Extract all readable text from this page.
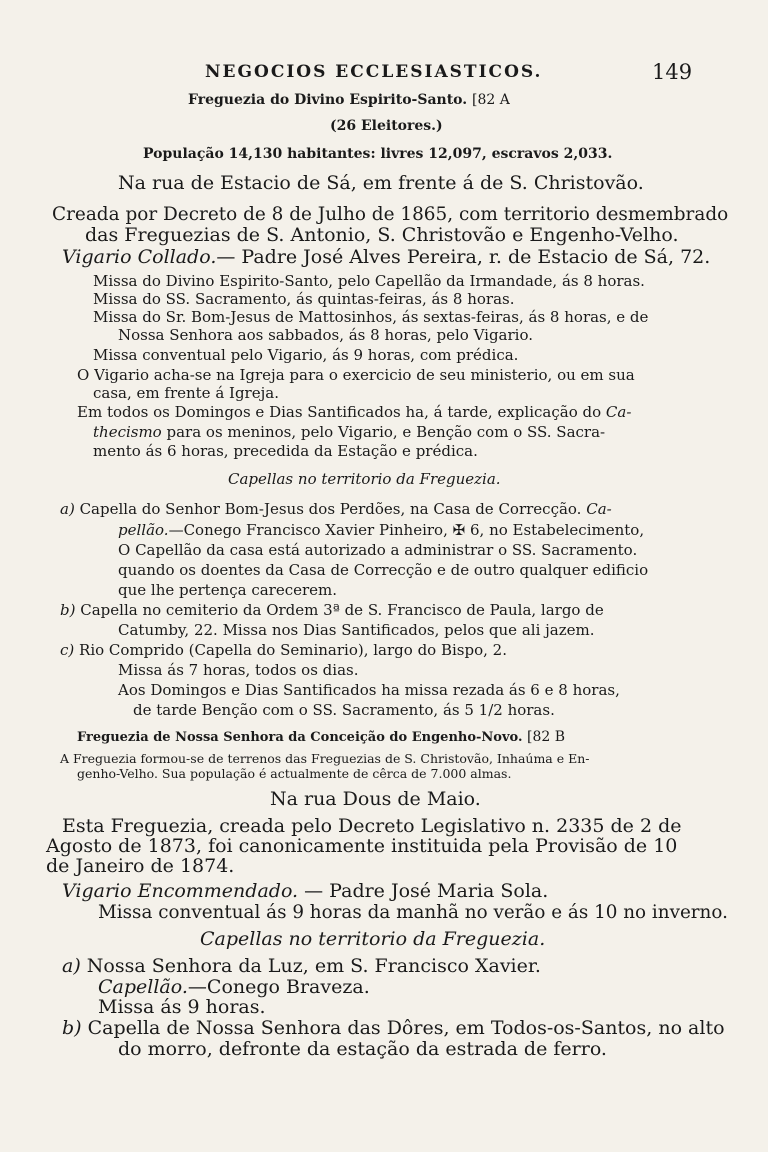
NEGOCIOS ECCLESIASTICOS.	149
Freguezia do Divino Espirito-Santo. [82 A
(26 Eleitores.)
População 14,130 habitantes: livres 12,097, escravos 2,033.
Na rua de Estacio de Sá, em frente á de S. Christovão.
Creada por Decreto de 8 de Julho de 1865, com territorio desmembrado
das Freguezias de S. Antonio, S. Christovão e Engenho-Velho.
Vigario Collado.— Padre José Alves Pereira, r. de Estacio de Sá, 72.
Missa do Divino Espirito-Santo, pelo Capellão da Irmandade, ás 8 horas.
Missa do SS. Sacramento, ás quintas-feiras, ás 8 horas.
Missa do Sr. Bom-Jesus de Mattosinhos, ás sextas-feiras, ás 8 horas, e de
Nossa Senhora aos sabbados, ás 8 horas, pelo Vigario.
Missa conventual pelo Vigario, ás 9 horas, com prédica.
O Vigario acha-se na Igreja para o exercicio de seu ministerio, ou em sua
casa, em frente á Igreja.
Em todos os Domingos e Dias Santificados ha, á tarde, explicação do Ca-
thecismo para os meninos, pelo Vigario, e Benção com o SS. Sacra-
mento ás 6 horas, precedida da Estação e prédica.
Capellas no territorio da Freguezia.
a) Capella do Senhor Bom-Jesus dos Perdões, na Casa de Correcção. Ca-
pellão.—Conego Francisco Xavier Pinheiro, ✠ 6, no Estabelecimento,
O Capellão da casa está autorizado a administrar o SS. Sacramento.
quando os doentes da Casa de Correcção e de outro qualquer edificio
que lhe pertença carecerem.
b) Capella no cemiterio da Ordem 3ª de S. Francisco de Paula, largo de
Catumby, 22. Missa nos Dias Santificados, pelos que ali jazem.
c) Rio Comprido (Capella do Seminario), largo do Bispo, 2.
Missa ás 7 horas, todos os dias.
Aos Domingos e Dias Santificados ha missa rezada ás 6 e 8 horas,
de tarde Benção com o SS. Sacramento, ás 5 1/2 horas.
Freguezia de Nossa Senhora da Conceição do Engenho-Novo. [82 B
A Freguezia formou-se de terrenos das Freguezias de S. Christovão, Inhaúma e En-
genho-Velho. Sua população é actualmente de cêrca de 7.000 almas.
Na rua Dous de Maio.
Esta Freguezia, creada pelo Decreto Legislativo n. 2335 de 2 de
Agosto de 1873, foi canonicamente instituida pela Provisão de 10
de Janeiro de 1874.
Vigario Encommendado. — Padre José Maria Sola.
Missa conventual ás 9 horas da manhã no verão e ás 10 no inverno.
Capellas no territorio da Freguezia.
a) Nossa Senhora da Luz, em S. Francisco Xavier.
Capellão.—Conego Braveza.
Missa ás 9 horas.
b) Capella de Nossa Senhora das Dôres, em Todos-os-Santos, no alto
do morro, defronte da estação da estrada de ferro.
